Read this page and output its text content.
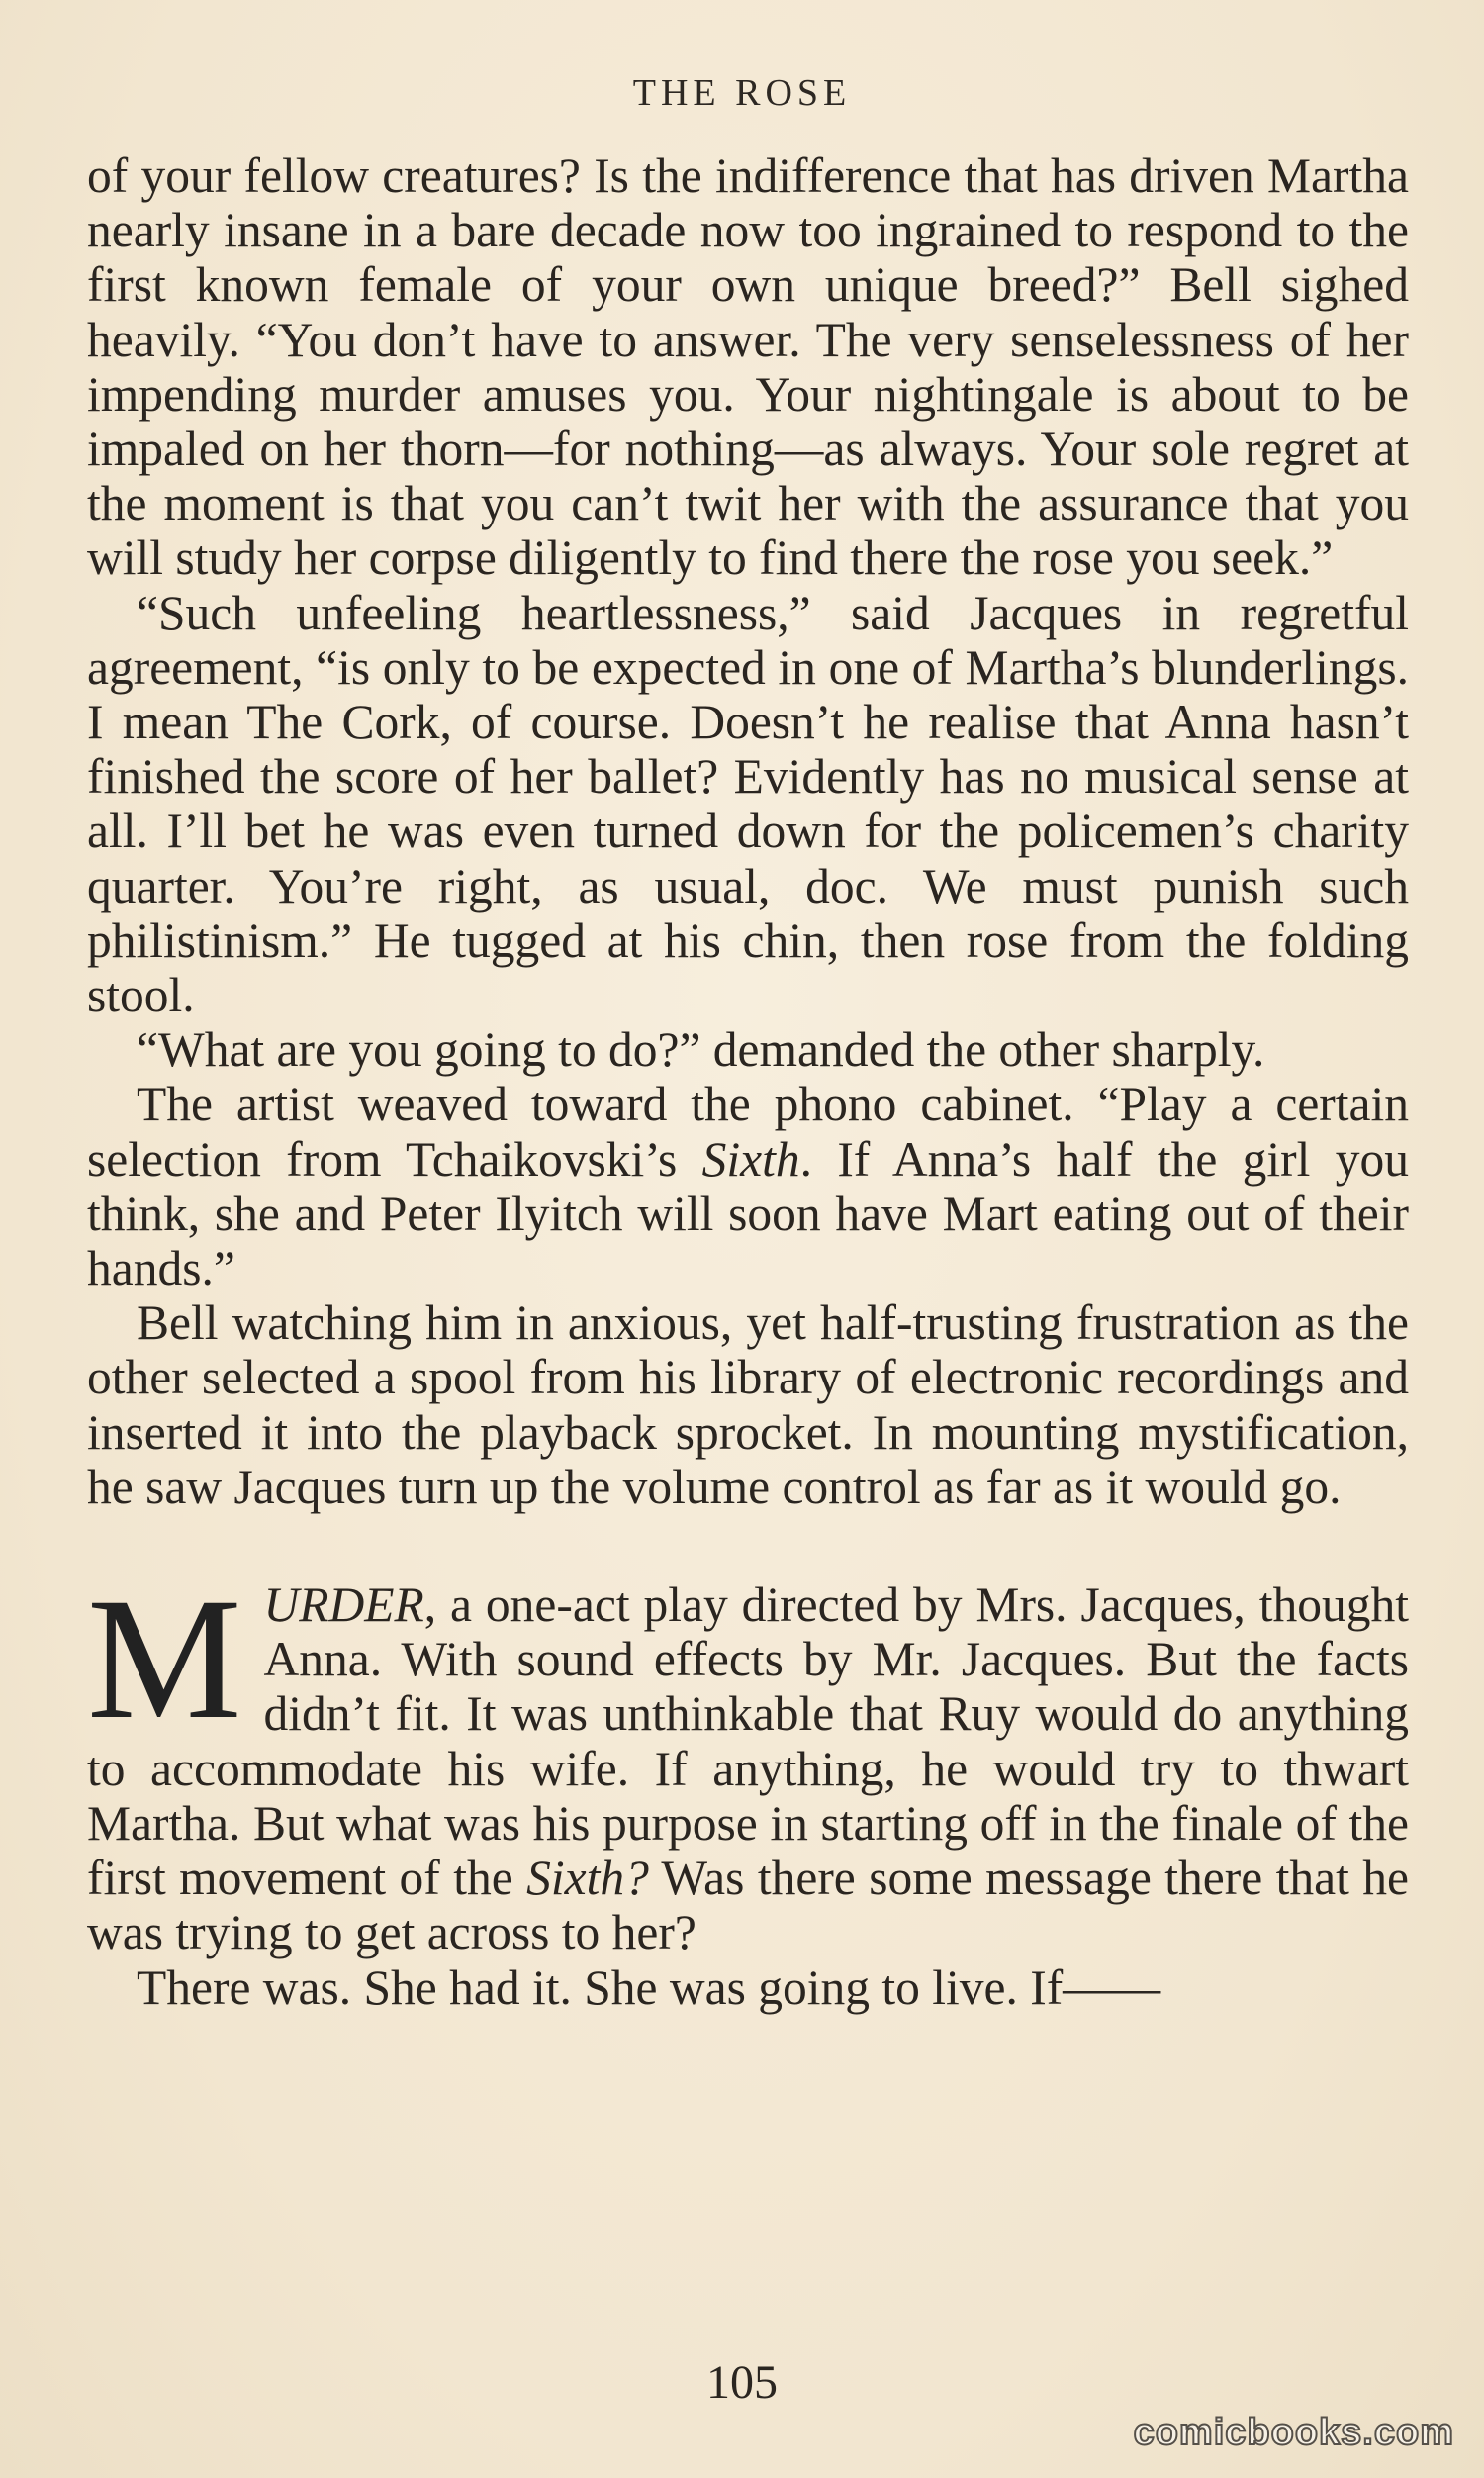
THE ROSE

of your fellow creatures? Is the indifference that has driven Martha nearly insane in a bare decade now too ingrained to respond to the first known female of your own unique breed?” Bell sighed heavily. “You don’t have to answer. The very senselessness of her impending murder amuses you. Your nightingale is about to be impaled on her thorn—for nothing—as always. Your sole regret at the moment is that you can’t twit her with the assurance that you will study her corpse diligently to find there the rose you seek.”

“Such unfeeling heartlessness,” said Jacques in regretful agreement, “is only to be expected in one of Martha’s blunderlings. I mean The Cork, of course. Doesn’t he realise that Anna hasn’t finished the score of her ballet? Evidently has no musical sense at all. I’ll bet he was even turned down for the policemen’s charity quarter. You’re right, as usual, doc. We must punish such philistinism.” He tugged at his chin, then rose from the folding stool.

“What are you going to do?” demanded the other sharply.

The artist weaved toward the phono cabinet. “Play a certain selection from Tchaikovski’s Sixth. If Anna’s half the girl you think, she and Peter Ilyitch will soon have Mart eating out of their hands.”

Bell watching him in anxious, yet half-trusting frustration as the other selected a spool from his library of electronic recordings and inserted it into the playback sprocket. In mounting mystification, he saw Jacques turn up the volume control as far as it would go.

M URDER, a one-act play directed by Mrs. Jacques, thought Anna. With sound effects by Mr. Jacques. But the facts didn’t fit. It was unthinkable that Ruy would do anything to accommodate his wife. If anything, he would try to thwart Martha. But what was his purpose in starting off in the finale of the first movement of the Sixth? Was there some message there that he was trying to get across to her?

There was. She had it. She was going to live. If——

105
comicbooks.com
